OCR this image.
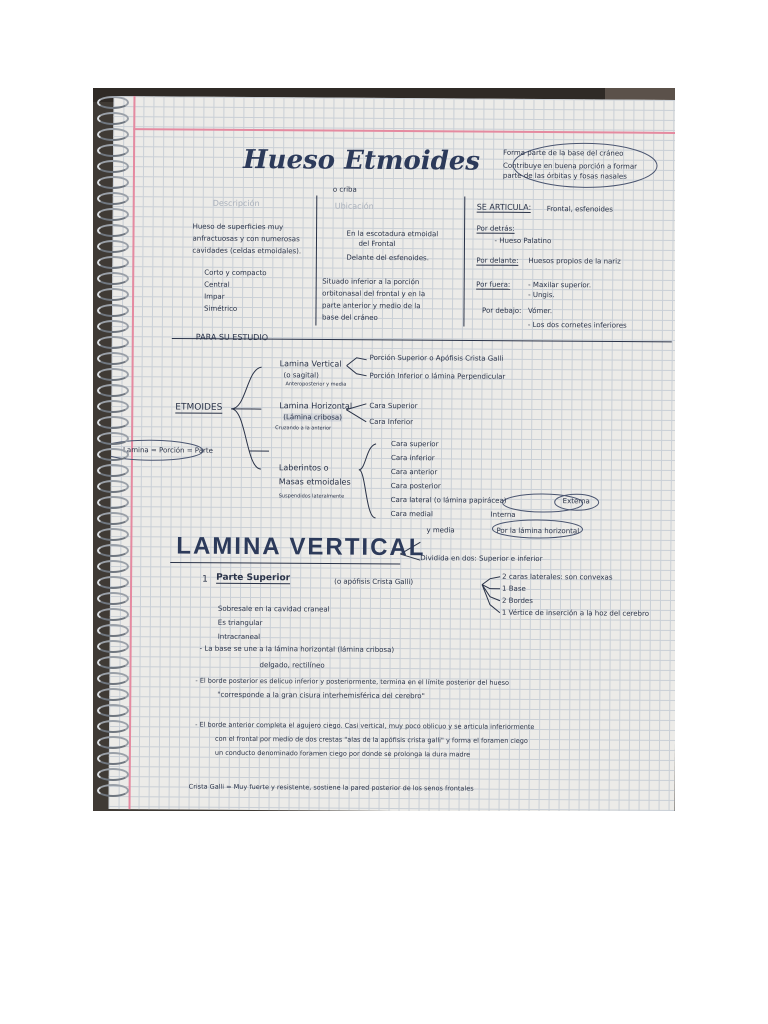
Hueso Etmoides
o criba
Forma parte de la base del cráneo
Contribuye en buena porción a formar parte de las órbitas y fosas nasales
Descripción
Hueso de superficies muy
anfractuosas y con numerosas
cavidades (celdas etmoidales).
Corto y compacto
Central
Impar
Simétrico
Ubicación
En la escotadura etmoidal
del Frontal
Delante del esfenoides.
Situado inferior a la porción
orbitonasal del frontal y en la
parte anterior y medio de la
base del cráneo
SE ARTICULA: Frontal, esfenoides
Por detrás:
- Hueso Palatino
Por delante: Huesos propios de la nariz
Por fuera:	- Maxilar superior.
- Ungis.
Por debajo: Vómer.
- Los dos cornetes inferiores
PARA SU ESTUDIO
ETMOIDES
Lamina = Porción = Parte
Lamina Vertical
(o sagital)
Anteroposterior y media
Porción Superior o Apófisis Crista Galli
Porción Inferior o lámina Perpendicular
Lamina Horizontal
(Lámina cribosa)
Cruzando a la anterior
Cara Superior
Cara Inferior
Laberintos o
Masas etmoidales
Suspendidos lateralmente
Cara superior
Cara inferior
Cara anterior
Cara posterior
Cara lateral (o lámina papirácea)
Cara medial
Externa
Interna
LAMINA VERTICAL
y media	Por la lámina horizontal
Dividida en dos: Superior e inferior
1 Parte Superior	(o apófisis Crista Galli)
2 caras laterales: son convexas
1 Base
2 Bordes
1 Vértice de inserción a la hoz del cerebro
Sobresale en la cavidad craneal
Es triangular
Intracraneal
- La base se une a la lámina horizontal (lámina cribosa)
delgado, rectilíneo
- El borde posterior es delicuo inferior y posteriormente, termina en el límite posterior del hueso
"corresponde a la gran cisura interhemisférica del cerebro"
- El borde anterior completa el agujero ciego. Casi vertical, muy poco oblicuo y se articula inferiormente
con el frontal por medio de dos crestas "alas de la apófisis crista galli" y forma el foramen ciego
un conducto denominado foramen ciego por donde se prolonga la dura madre
Crista Galli = Muy fuerte y resistente, sostiene la pared posterior de los senos frontales
